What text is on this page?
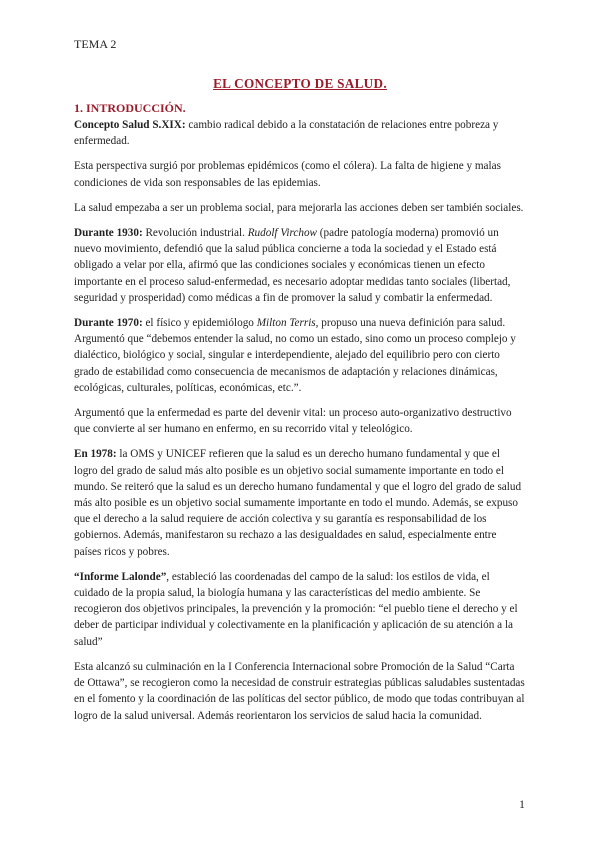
TEMA 2
EL CONCEPTO DE SALUD.
1. INTRODUCCIÓN.

Concepto Salud S.XIX: cambio radical debido a la constatación de relaciones entre pobreza y enfermedad.

Esta perspectiva surgió por problemas epidémicos (como el cólera). La falta de higiene y malas condiciones de vida son responsables de las epidemias.

La salud empezaba a ser un problema social, para mejorarla las acciones deben ser también sociales.

Durante 1930: Revolución industrial. Rudolf Virchow (padre patología moderna) promovió un nuevo movimiento, defendió que la salud pública concierne a toda la sociedad y el Estado está obligado a velar por ella, afirmó que las condiciones sociales y económicas tienen un efecto importante en el proceso salud-enfermedad, es necesario adoptar medidas tanto sociales (libertad, seguridad y prosperidad) como médicas a fin de promover la salud y combatir la enfermedad.

Durante 1970: el físico y epidemiólogo Milton Terris, propuso una nueva definición para salud. Argumentó que “debemos entender la salud, no como un estado, sino como un proceso complejo y dialéctico, biológico y social, singular e interdependiente, alejado del equilibrio pero con cierto grado de estabilidad como consecuencia de mecanismos de adaptación y relaciones dinámicas, ecológicas, culturales, políticas, económicas, etc.”.

Argumentó que la enfermedad es parte del devenir vital: un proceso auto-organizativo destructivo que convierte al ser humano en enfermo, en su recorrido vital y teleológico.

En 1978: la OMS y UNICEF refieren que la salud es un derecho humano fundamental y que el logro del grado de salud más alto posible es un objetivo social sumamente importante en todo el mundo. Se reiteró que la salud es un derecho humano fundamental y que el logro del grado de salud más alto posible es un objetivo social sumamente importante en todo el mundo. Además, se expuso que el derecho a la salud requiere de acción colectiva y su garantía es responsabilidad de los gobiernos. Además, manifestaron su rechazo a las desigualdades en salud, especialmente entre países ricos y pobres.

“Informe Lalonde”, estableció las coordenadas del campo de la salud: los estilos de vida, el cuidado de la propia salud, la biología humana y las características del medio ambiente. Se recogieron dos objetivos principales, la prevención y la promoción: “el pueblo tiene el derecho y el deber de participar individual y colectivamente en la planificación y aplicación de su atención a la salud”

Esta alcanzó su culminación en la I Conferencia Internacional sobre Promoción de la Salud “Carta de Ottawa”, se recogieron como la necesidad de construir estrategias públicas saludables sustentadas en el fomento y la coordinación de las políticas del sector público, de modo que todas contribuyan al logro de la salud universal. Además reorientaron los servicios de salud hacia la comunidad.

1
